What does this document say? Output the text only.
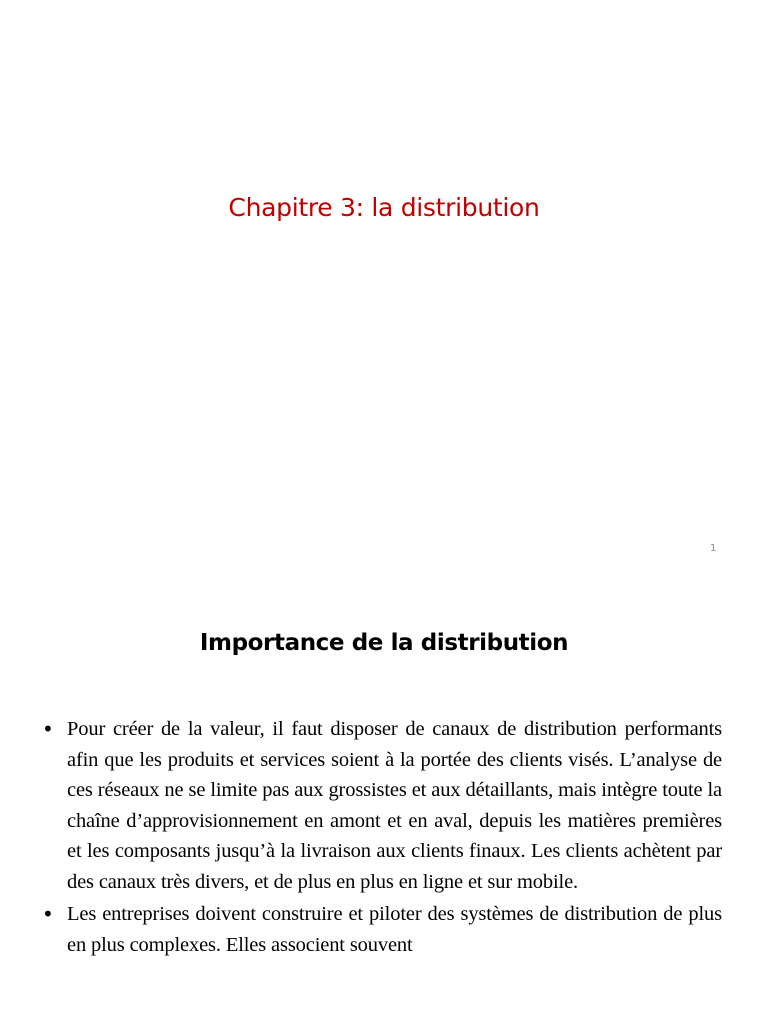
Chapitre 3: la distribution
1
Importance de la distribution
• Pour créer de la valeur, il faut disposer de canaux de distribution performants afin que les produits et services soient à la portée des clients visés. L’analyse de ces réseaux ne se limite pas aux grossistes et aux détaillants, mais intègre toute la chaîne d’approvisionnement en amont et en aval, depuis les matières premières et les composants jusqu’à la livraison aux clients finaux. Les clients achètent par des canaux très divers, et de plus en plus en ligne et sur mobile.
• Les entreprises doivent construire et piloter des systèmes de distribution de plus en plus complexes. Elles associent souvent
